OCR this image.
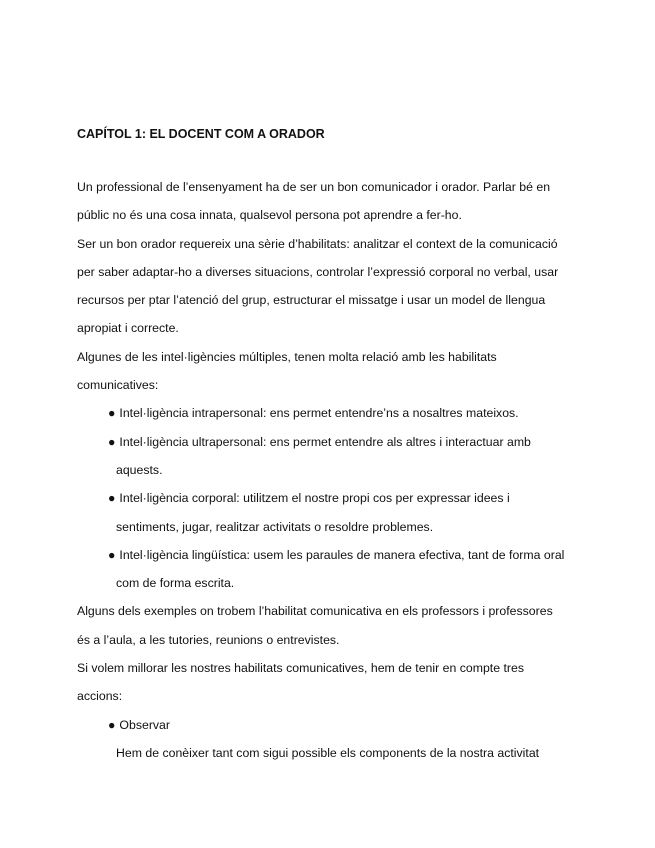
CAPÍTOL 1: EL DOCENT COM A ORADOR

Un professional de l’ensenyament ha de ser un bon comunicador i orador. Parlar bé en públic no és una cosa innata, qualsevol persona pot aprendre a fer-ho.

Ser un bon orador requereix una sèrie d’habilitats: analitzar el context de la comunicació per saber adaptar-ho a diverses situacions, controlar l’expressió corporal no verbal, usar recursos per ptar l’atenció del grup, estructurar el missatge i usar un model de llengua apropiat i correcte.

Algunes de les intel·ligències múltiples, tenen molta relació amb les habilitats comunicatives:

● Intel·ligència intrapersonal: ens permet entendre’ns a nosaltres mateixos.
● Intel·ligència ultrapersonal: ens permet entendre als altres i interactuar amb aquests.
● Intel·ligència corporal: utilitzem el nostre propi cos per expressar idees i sentiments, jugar, realitzar activitats o resoldre problemes.
● Intel·ligència lingüística: usem les paraules de manera efectiva, tant de forma oral com de forma escrita.

Alguns dels exemples on trobem l’habilitat comunicativa en els professors i professores és a l’aula, a les tutories, reunions o entrevistes.

Si volem millorar les nostres habilitats comunicatives, hem de tenir en compte tres accions:

● Observar

Hem de conèixer tant com sigui possible els components de la nostra activitat
